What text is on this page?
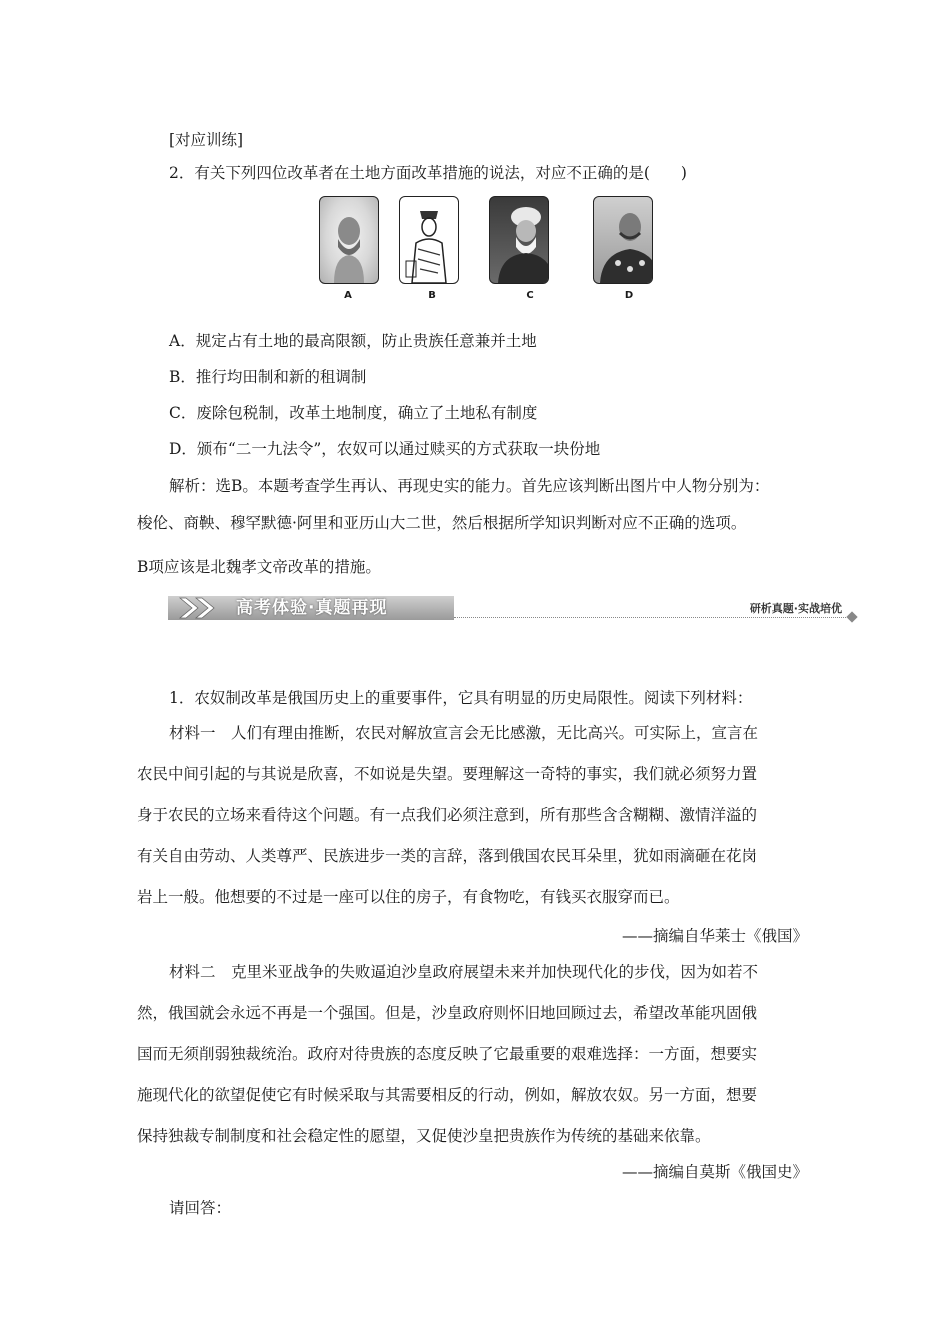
[对应训练]
2．有关下列四位改革者在土地方面改革措施的说法，对应不正确的是(　　)
A	B	C	D
A．规定占有土地的最高限额，防止贵族任意兼并土地
B．推行均田制和新的租调制
C．废除包税制，改革土地制度，确立了土地私有制度
D．颁布“二一九法令”，农奴可以通过赎买的方式获取一块份地
解析：选B。本题考查学生再认、再现史实的能力。首先应该判断出图片中人物分别为：
梭伦、商鞅、穆罕默德·阿里和亚历山大二世，然后根据所学知识判断对应不正确的选项。
B项应该是北魏孝文帝改革的措施。
高考体验·真题再现	研析真题·实战培优
1．农奴制改革是俄国历史上的重要事件，它具有明显的历史局限性。阅读下列材料：
材料一　人们有理由推断，农民对解放宣言会无比感激，无比高兴。可实际上，宣言在
农民中间引起的与其说是欣喜，不如说是失望。要理解这一奇特的事实，我们就必须努力置
身于农民的立场来看待这个问题。有一点我们必须注意到，所有那些含含糊糊、激情洋溢的
有关自由劳动、人类尊严、民族进步一类的言辞，落到俄国农民耳朵里，犹如雨滴砸在花岗
岩上一般。他想要的不过是一座可以住的房子，有食物吃，有钱买衣服穿而已。
——摘编自华莱士《俄国》
材料二　克里米亚战争的失败逼迫沙皇政府展望未来并加快现代化的步伐，因为如若不
然，俄国就会永远不再是一个强国。但是，沙皇政府则怀旧地回顾过去，希望改革能巩固俄
国而无须削弱独裁统治。政府对待贵族的态度反映了它最重要的艰难选择：一方面，想要实
施现代化的欲望促使它有时候采取与其需要相反的行动，例如，解放农奴。另一方面，想要
保持独裁专制制度和社会稳定性的愿望，又促使沙皇把贵族作为传统的基础来依靠。
——摘编自莫斯《俄国史》
请回答：
